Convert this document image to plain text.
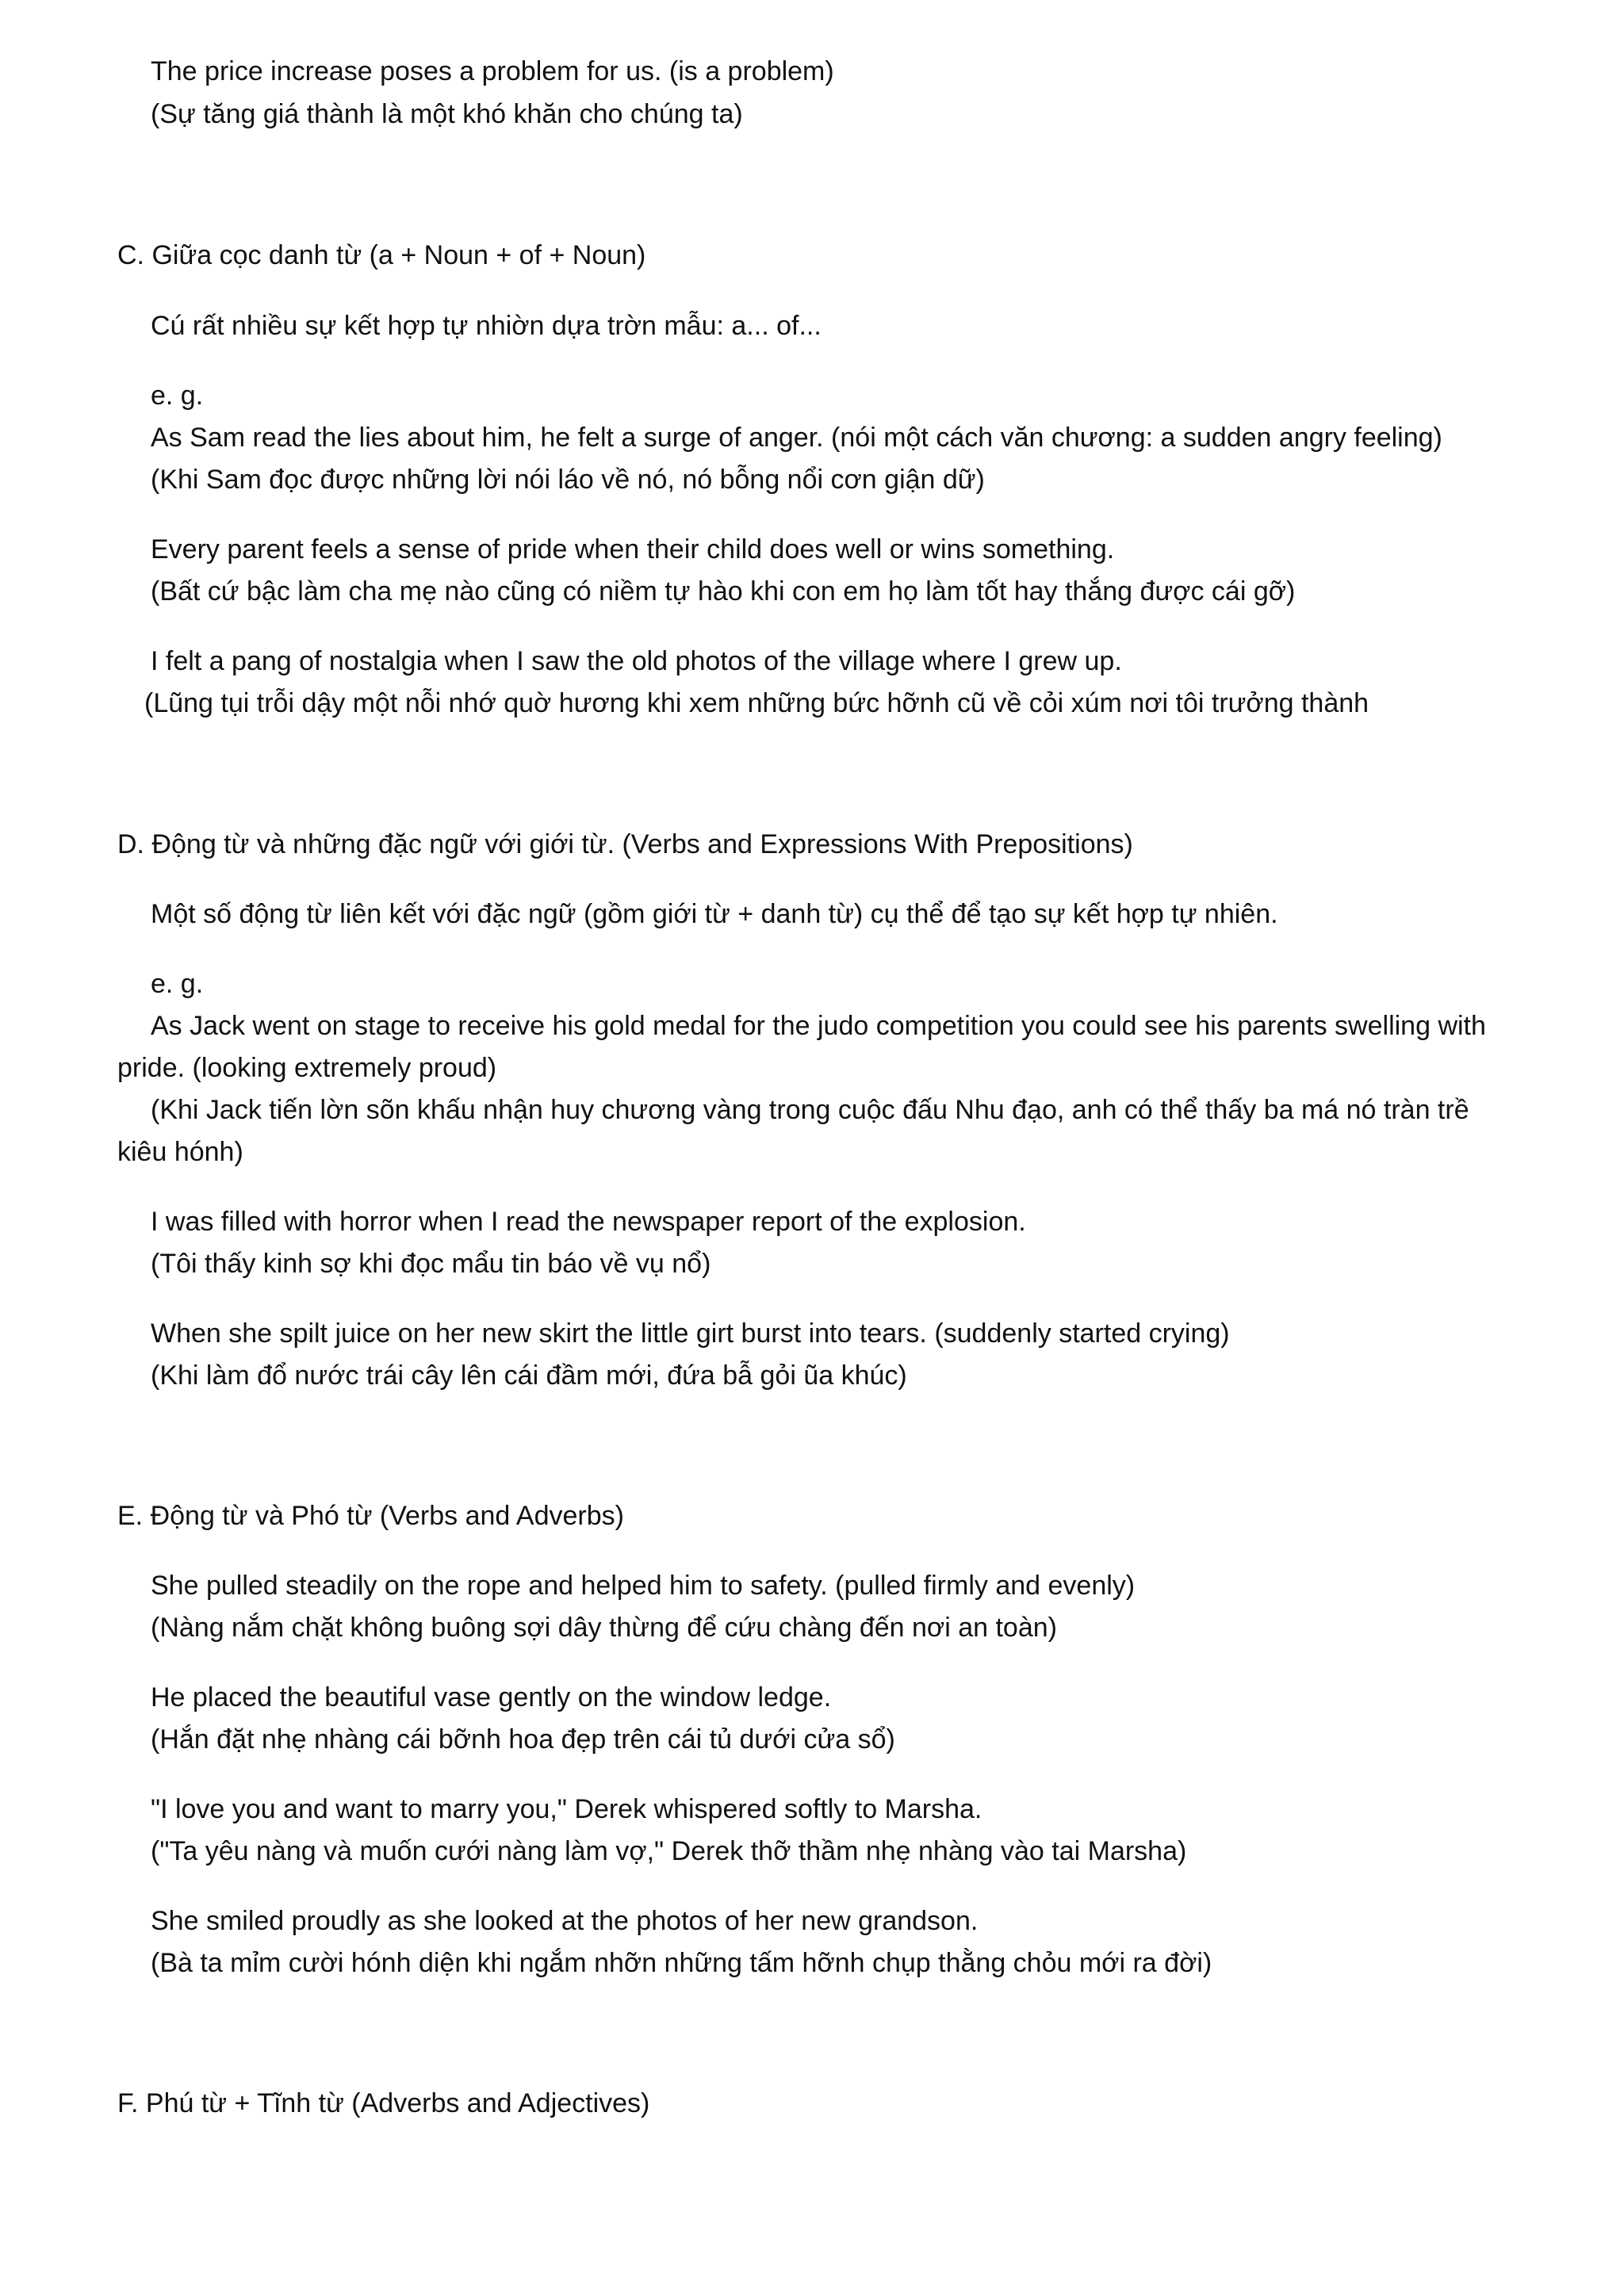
The price increase poses a problem for us. (is a problem)
(Sự tăng giá thành là một khó khăn cho chúng ta)
C. Giữa cọc danh từ (a + Noun + of + Noun)
Cú rất nhiều sự kết hợp tự nhiờn dựa trờn mẫu: a... of...
e. g.
As Sam read the lies about him, he felt a surge of anger. (nói một cách văn chương: a sudden angry feeling)
(Khi Sam đọc được những lời nói láo về nó, nó bỗng nổi cơn giận dữ)
Every parent feels a sense of pride when their child does well or wins something.
(Bất cứ bậc làm cha mẹ nào cũng có niềm tự hào khi con em họ làm tốt hay thắng được cái gỡ)
I felt a pang of nostalgia when I saw the old photos of the village where I grew up.
(Lũng tụi trỗi dậy một nỗi nhớ quờ hương khi xem những bức hỡnh cũ về cỏi xúm nơi tôi trưởng thành
D. Động từ và những đặc ngữ với giới từ. (Verbs and Expressions With Prepositions)
Một số động từ liên kết với đặc ngữ (gồm giới từ + danh từ) cụ thể để tạo sự kết hợp tự nhiên.
e. g.
As Jack went on stage to receive his gold medal for the judo competition you could see his parents swelling with
pride. (looking extremely proud)
(Khi Jack tiến lờn sõn khấu nhận huy chương vàng trong cuộc đấu Nhu đạo, anh có thể thấy ba má nó tràn trề
kiêu hónh)
I was filled with horror when I read the newspaper report of the explosion.
(Tôi thấy kinh sợ khi đọc mẩu tin báo về vụ nổ)
When she spilt juice on her new skirt the little girt burst into tears. (suddenly started crying)
(Khi làm đổ nước trái cây lên cái đầm mới, đứa bẫ gỏi ũa khúc)
E. Động từ và Phó từ (Verbs and Adverbs)
She pulled steadily on the rope and helped him to safety. (pulled firmly and evenly)
(Nàng nắm chặt không buông sợi dây thừng để cứu chàng đến nơi an toàn)
He placed the beautiful vase gently on the window ledge.
(Hắn đặt nhẹ nhàng cái bỡnh hoa đẹp trên cái tủ dưới cửa sổ)
"I love you and want to marry you," Derek whispered softly to Marsha.
("Ta yêu nàng và muốn cưới nàng làm vợ," Derek thỡ thầm nhẹ nhàng vào tai Marsha)
She smiled proudly as she looked at the photos of her new grandson.
(Bà ta mỉm cười hónh diện khi ngắm nhỡn những tấm hỡnh chụp thằng chỏu mới ra đời)
F. Phú từ + Tĩnh từ (Adverbs and Adjectives)
